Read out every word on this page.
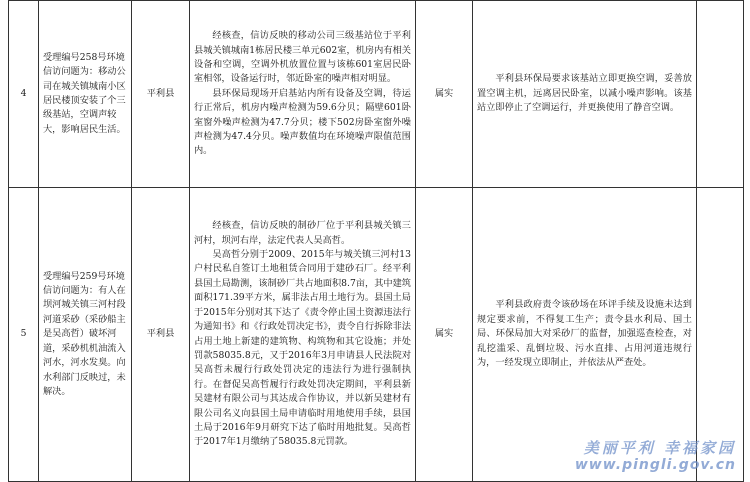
4	受理编号258号环境信访问题为：移动公司在城关镇城南小区居民楼顶安装了个三级基站，空调声较大，影响居民生活。	平利县	经核查，信访反映的移动公司三级基站位于平利县城关镇城南1栋居民楼三单元602室，机房内有相关设备和空调，空调外机放置位置与该栋601室居民卧室相邻，设备运行时，邻近卧室的噪声相对明显。

县环保局现场开启基站内所有设备及空调，待运行正常后，机房内噪声检测为59.6分贝；隔壁601卧室窗外噪声检测为47.7分贝；楼下502房卧室窗外噪声检测为47.4分贝。噪声数值均在环境噪声限值范围内。	属实	平利县环保局要求该基站立即更换空调，妥善放置空调主机，远离居民卧室，以减小噪声影响。该基站立即停止了空调运行，并更换使用了静音空调。	

5	受理编号259号环境信访问题为：有人在坝河城关镇三河村段河道采砂（采砂船主是吴高哲）破坏河道，采砂机机油流入河水，河水发臭。向水利部门反映过，未解决。	平利县	经核查，信访反映的制砂厂位于平利县城关镇三河村，坝河右岸，法定代表人吴高哲。

吴高哲分别于2009、2015年与城关镇三河村13户村民私自签订土地租赁合同用于建砂石厂。经平利县国土局勘测，该制砂厂共占地面积8.7亩，其中建筑面积171.39平方米，属非法占用土地行为。县国土局于2015年分别对其下达了《责令停止国土资源违法行为通知书》和《行政处罚决定书》，责令自行拆除非法占用土地上新建的建筑物、构筑物和其它设施；并处罚款58035.8元，又于2016年3月申请县人民法院对吴高哲未履行行政处罚决定的违法行为进行强制执行。在督促吴高哲履行行政处罚决定期间，平利县新吴建材有限公司与其达成合作协议，并以新吴建材有限公司名义向县国土局申请临时用地使用手续，县国土局于2016年9月研究下达了临时用地批复。吴高哲于2017年1月缴纳了58035.8元罚款。	属实	平利县政府责令该砂场在环评手续及设施未达到规定要求前，不得复工生产；责令县水利局、国土局、环保局加大对采砂厂的监督，加强巡查检查，对乱挖滥采、乱倒垃圾、污水直排、占用河道违规行为，一经发现立即制止，并依法从严查处。	

美丽平利 幸福家园
www.pingli.gov.cn
